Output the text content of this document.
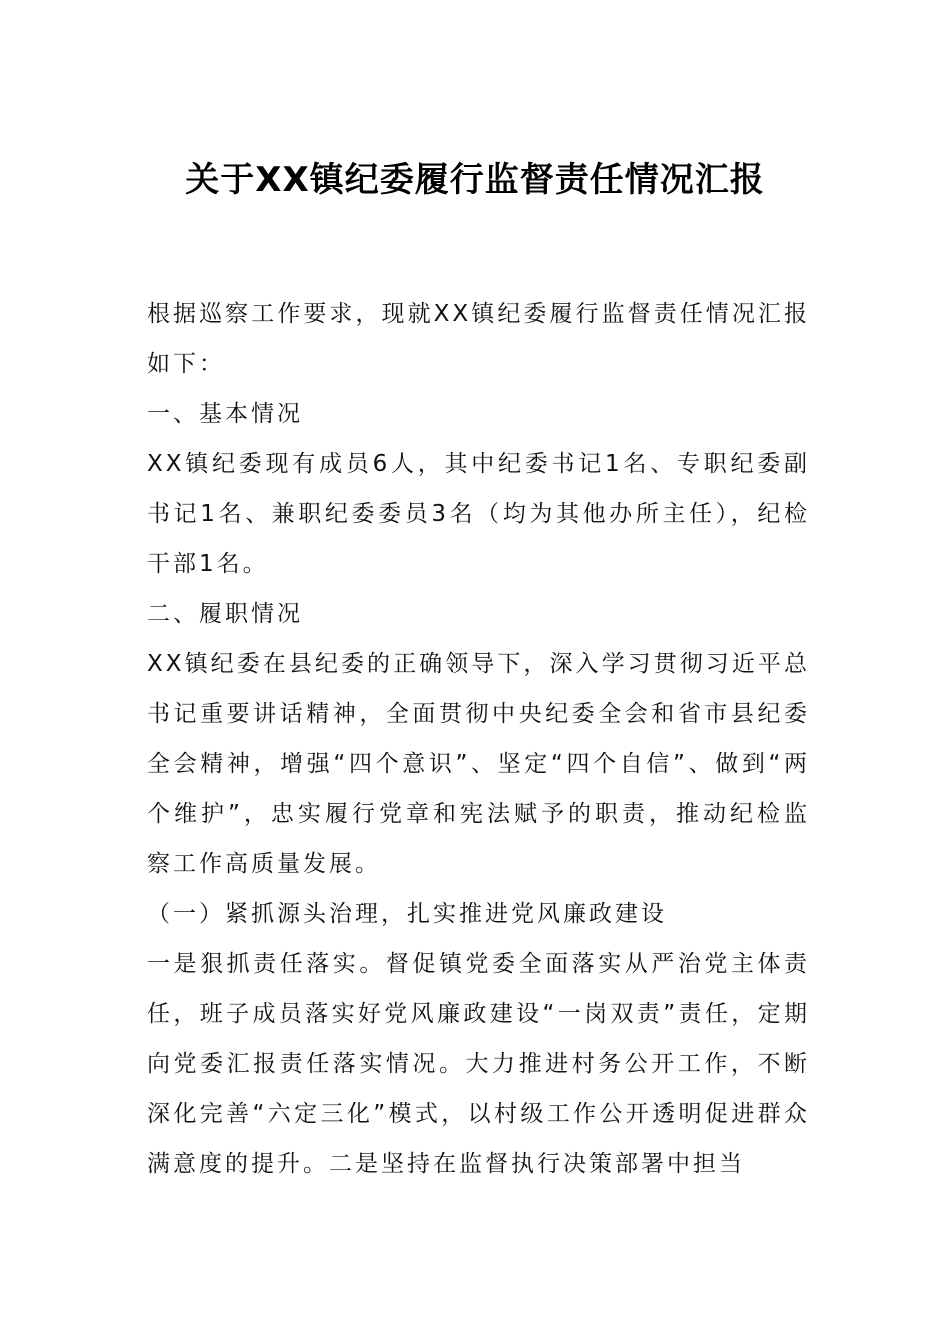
关于XX镇纪委履行监督责任情况汇报

根据巡察工作要求，现就XX镇纪委履行监督责任情况汇报如下：

一、基本情况

XX镇纪委现有成员6人，其中纪委书记1名、专职纪委副书记1名、兼职纪委委员3名（均为其他办所主任），纪检干部1名。

二、履职情况

XX镇纪委在县纪委的正确领导下，深入学习贯彻习近平总书记重要讲话精神，全面贯彻中央纪委全会和省市县纪委全会精神，增强“四个意识”、坚定“四个自信”、做到“两个维护”，忠实履行党章和宪法赋予的职责，推动纪检监察工作高质量发展。

（一）紧抓源头治理，扎实推进党风廉政建设

一是狠抓责任落实。督促镇党委全面落实从严治党主体责任，班子成员落实好党风廉政建设“一岗双责”责任，定期向党委汇报责任落实情况。大力推进村务公开工作，不断深化完善“六定三化”模式，以村级工作公开透明促进群众满意度的提升。二是坚持在监督执行决策部署中担当
